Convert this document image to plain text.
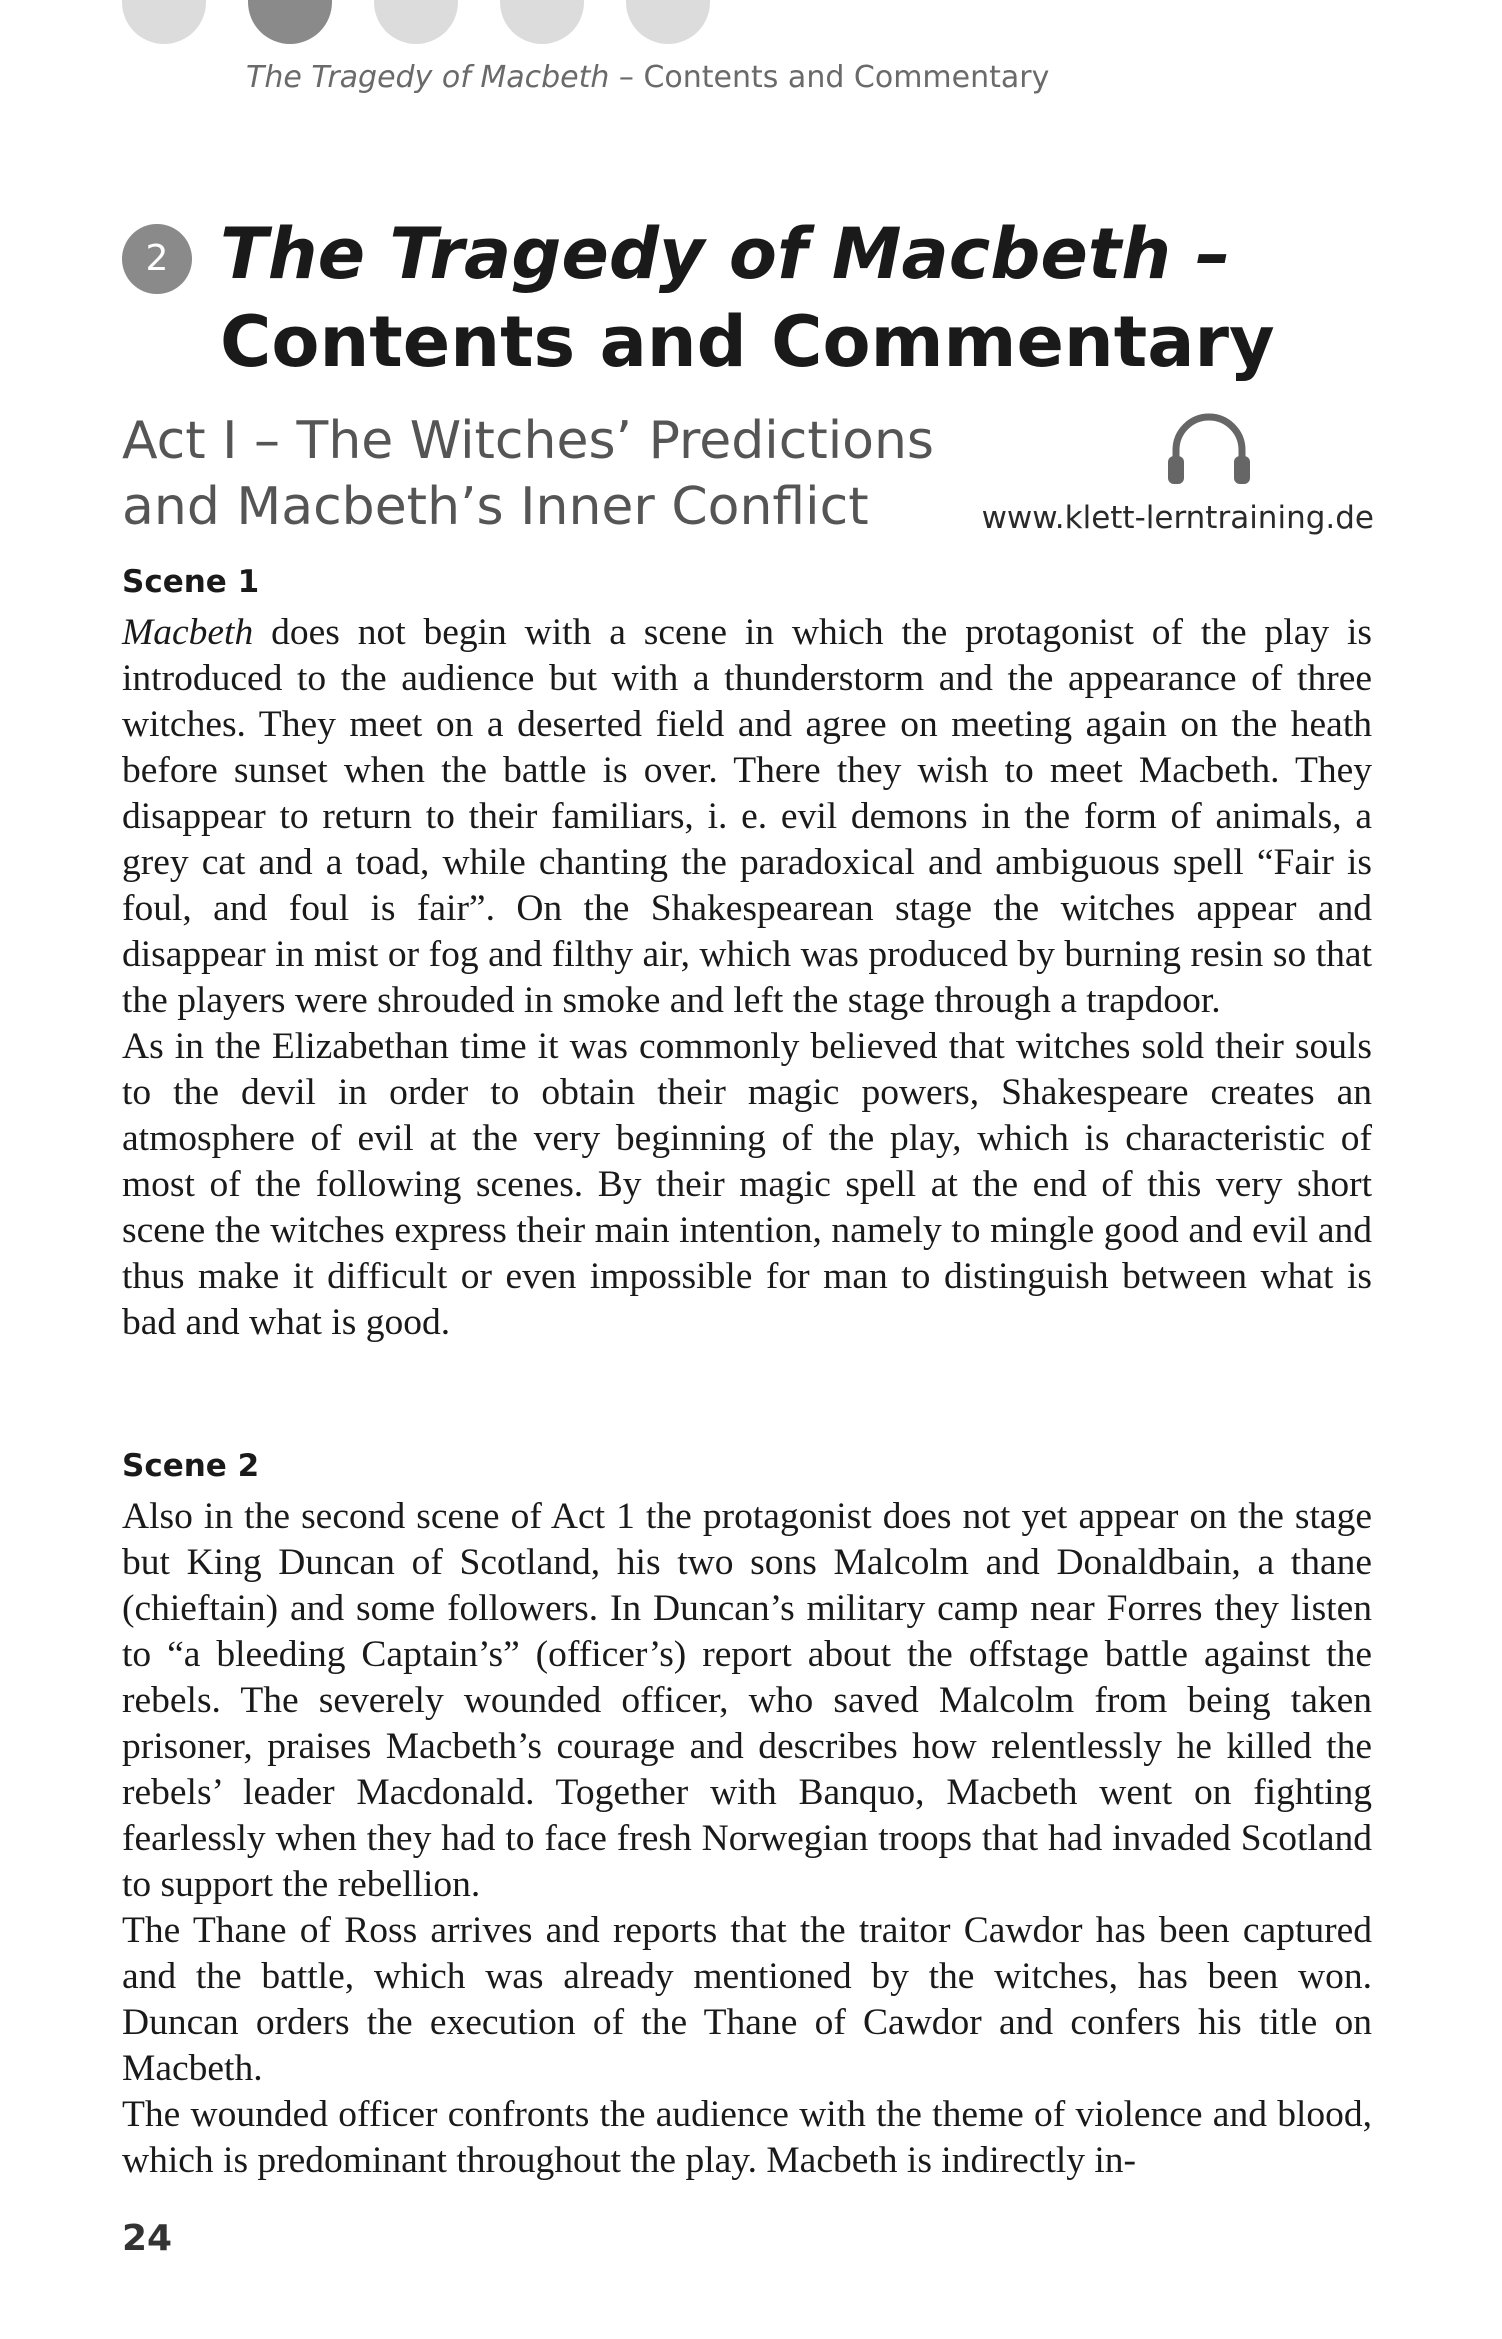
The Tragedy of Macbeth – Contents and Commentary
2 The Tragedy of Macbeth –
Contents and Commentary
Act I – The Witches’ Predictions
and Macbeth’s Inner Conflict	www.klett-lerntraining.de
Scene 1

Macbeth does not begin with a scene in which the protagonist of the play is introduced to the audience but with a thunderstorm and the appearance of three witches. They meet on a deserted field and agree on meeting again on the heath before sunset when the battle is over. There they wish to meet Macbeth. They disappear to return to their familiars, i. e. evil demons in the form of animals, a grey cat and a toad, while chanting the paradoxical and ambiguous spell “Fair is foul, and foul is fair”. On the Shakespearean stage the witches appear and disappear in mist or fog and filthy air, which was produced by burning resin so that the players were shrouded in smoke and left the stage through a trapdoor.

As in the Elizabethan time it was commonly believed that witches sold their souls to the devil in order to obtain their magic powers, Shakespeare creates an atmosphere of evil at the very beginning of the play, which is characteristic of most of the following scenes. By their magic spell at the end of this very short scene the witches express their main intention, namely to mingle good and evil and thus make it difficult or even impossible for man to distinguish between what is bad and what is good.

Scene 2

Also in the second scene of Act 1 the protagonist does not yet appear on the stage but King Duncan of Scotland, his two sons Malcolm and Donaldbain, a thane (chieftain) and some followers. In Duncan’s military camp near Forres they listen to “a bleeding Captain’s” (officer’s) report about the offstage battle against the rebels. The severely wounded officer, who saved Malcolm from being taken prisoner, praises Macbeth’s courage and describes how relentlessly he killed the rebels’ leader Macdonald. Together with Banquo, Macbeth went on fighting fearlessly when they had to face fresh Norwegian troops that had invaded Scotland to support the rebellion.

The Thane of Ross arrives and reports that the traitor Cawdor has been captured and the battle, which was already mentioned by the witches, has been won. Duncan orders the execution of the Thane of Cawdor and confers his title on Macbeth.

The wounded officer confronts the audience with the theme of violence and blood, which is predominant throughout the play. Macbeth is indirectly in-

24
